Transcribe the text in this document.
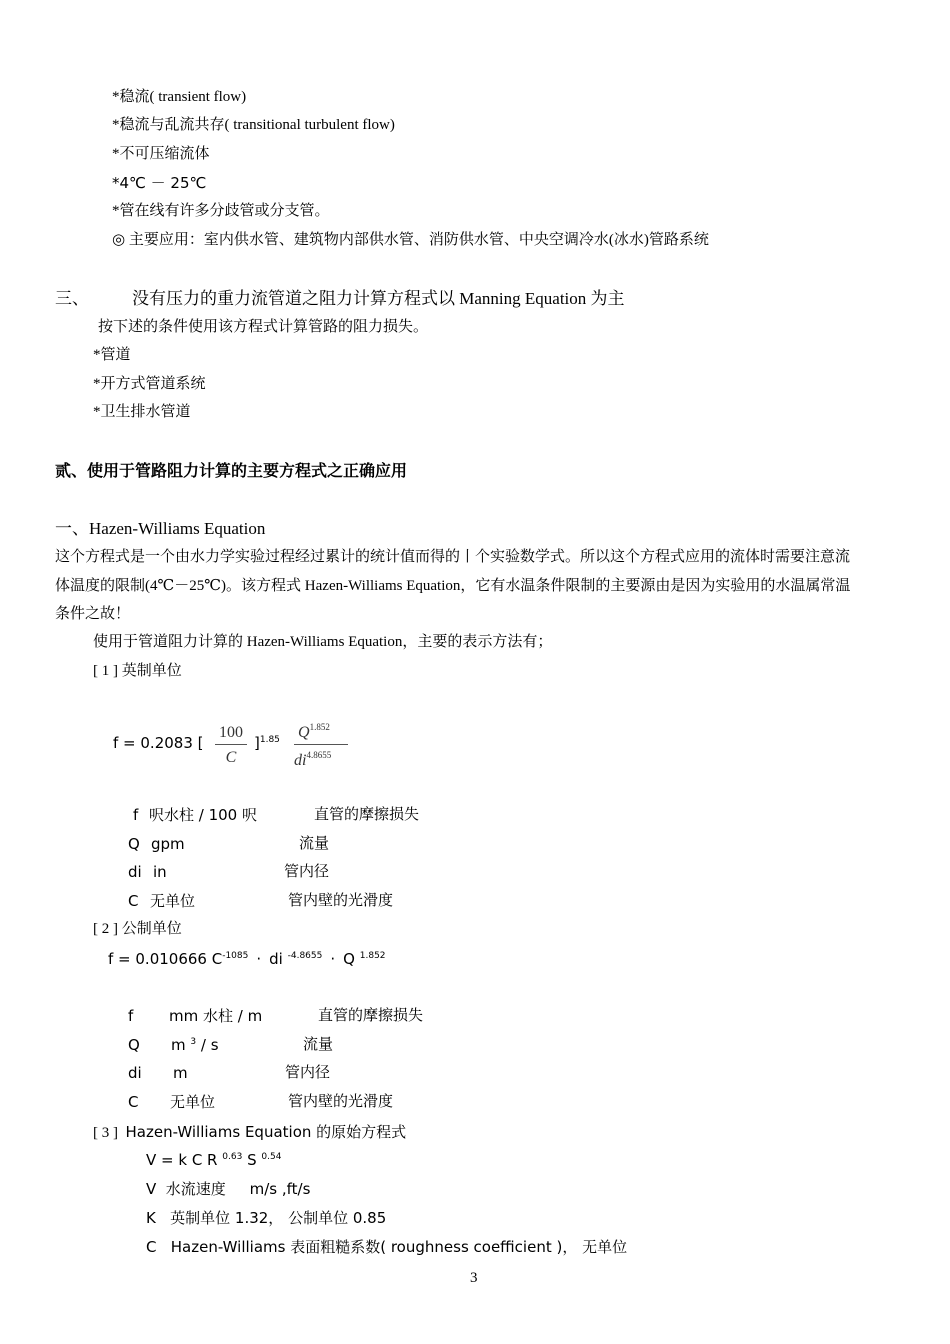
*稳流( transient flow)
*稳流与乱流共存( transitional turbulent flow)
*不可压缩流体
*4℃ － 25℃
*管在线有许多分歧管或分支管。
◎ 主要应用：室内供水管、建筑物内部供水管、消防供水管、中央空调冷水(冰水)管路系统
三、	没有压力的重力流管道之阻力计算方程式以 Manning Equation 为主
按下述的条件使用该方程式计算管路的阻力损失。
*管道
*开方式管道系统
*卫生排水管道
贰、使用于管路阻力计算的主要方程式之正确应用
一、Hazen-Williams Equation
这个方程式是一个由水力学实验过程经过累计的统计值而得的丨个实验数学式。所以这个方程式应用的流体时需要注意流
体温度的限制(4℃－25℃)。该方程式 Hazen-Williams Equation，它有水温条件限制的主要源由是因为实验用的水温属常温
条件之故！
使用于管道阻力计算的 Hazen-Williams Equation，主要的表示方法有；
[ 1 ] 英制单位
f = 0.2083 [
100
C
]$^{1.85}$	$Q^{1.852}$
$di^{4.8655}$
f 呎水柱 / 100 呎	直管的摩擦损失
Q gpm	流量
di in	管内径
C 无单位	管内壁的光滑度
[ 2 ] 公制单位
f = 0.010666 $C^{-1085}$ · di $^{-4.8655}$ · Q $^{1.852}$
f mm 水柱 / m	直管的摩擦损失
Q m $^3$ / s	流量
di m	管内径
C 无单位	管内壁的光滑度
[ 3 ] Hazen-Williams Equation 的原始方程式
V = k C R $^{0.63}$ S $^{0.54}$
V  水流速度     m/s ,ft/s
K   英制单位 1.32， 公制单位 0.85
C   Hazen-Williams 表面粗糙系数( roughness coefficient )， 无单位
3
